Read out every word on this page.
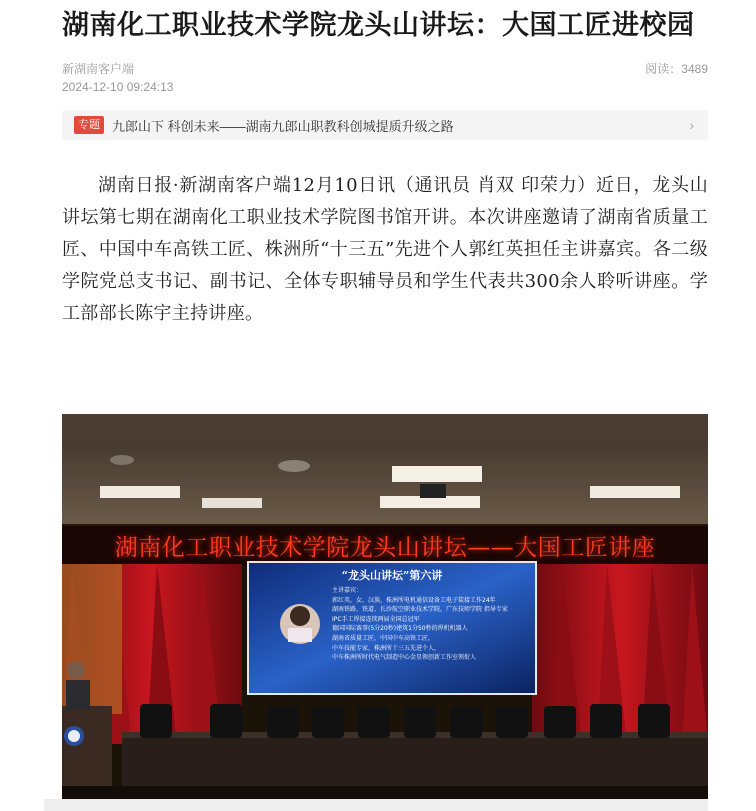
湖南化工职业技术学院龙头山讲坛：大国工匠进校园
新湖南客户端	阅读：3489
2024-12-10 09:24:13
专题 九郎山下 科创未来——湖南九郎山职教科创城提质升级之路	›

湖南日报·新湖南客户端12月10日讯（通讯员 肖双 印荣力）近日，龙头山讲坛第七期在湖南化工职业技术学院图书馆开讲。本次讲座邀请了湖南省质量工匠、中国中车高铁工匠、株洲所“十三五”先进个人郭红英担任主讲嘉宾。各二级学院党总支书记、副书记、全体专职辅导员和学生代表共300余人聆听讲座。学工部部长陈宇主持讲座。

湖南化工职业技术学院龙头山讲坛——大国工匠讲座
“龙头山讲坛”第六讲
主讲嘉宾：
郭红英，女，汉族，株洲所电机通信设备工电子装接工作24年
湖南铁路、铁道、长沙航空职业技术学院，广东技师学院 指导专家
IPC手工焊接连续两届全国总冠军
德国国际赛事(5分20秒)建筑1分50秒的焊机机器人
湖南省质量工匠，中国中车高铁工匠，
中车技能专家，株洲所十三五先进个人，
中车株洲所时代电气制造中心金星领创新工作室领衔人
